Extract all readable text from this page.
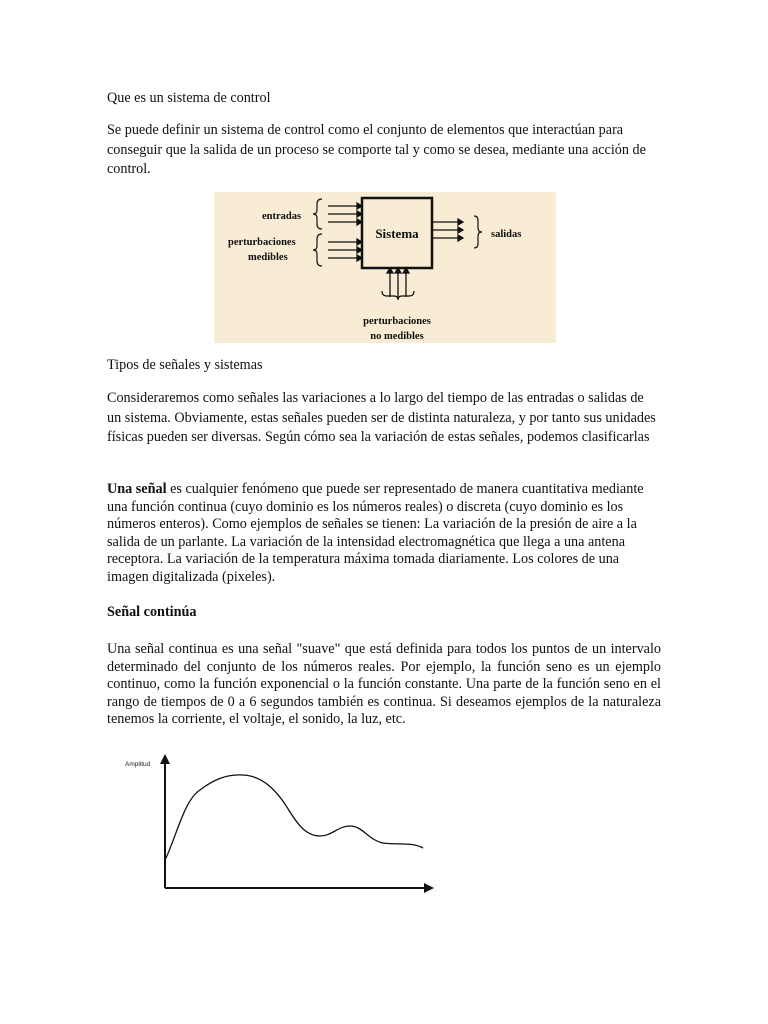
Que es un sistema de control

Se puede definir un sistema de control como el conjunto de elementos que interactúan para conseguir que la salida de un proceso se comporte tal y como se desea, mediante una acción de control.

entradas
perturbaciones
medibles
Sistema	salidas
perturbaciones
no medibles

Tipos de señales y sistemas

Consideraremos como señales las variaciones a lo largo del tiempo de las entradas o salidas de un sistema. Obviamente, estas señales pueden ser de distinta naturaleza, y por tanto sus unidades físicas pueden ser diversas. Según cómo sea la variación de estas señales, podemos clasificarlas

Una señal es cualquier fenómeno que puede ser representado de manera cuantitativa mediante una función continua (cuyo dominio es los números reales) o discreta (cuyo dominio es los números enteros). Como ejemplos de señales se tienen: La variación de la presión de aire a la salida de un parlante. La variación de la intensidad electromagnética que llega a una antena receptora. La variación de la temperatura máxima tomada diariamente. Los colores de una imagen digitalizada (pixeles).

Señal continúa

Una señal continua es una señal "suave" que está definida para todos los puntos de un intervalo determinado del conjunto de los números reales. Por ejemplo, la función seno es un ejemplo continuo, como la función exponencial o la función constante. Una parte de la función seno en el rango de tiempos de 0 a 6 segundos también es continua. Si deseamos ejemplos de la naturaleza tenemos la corriente, el voltaje, el sonido, la luz, etc.

Amplitud
